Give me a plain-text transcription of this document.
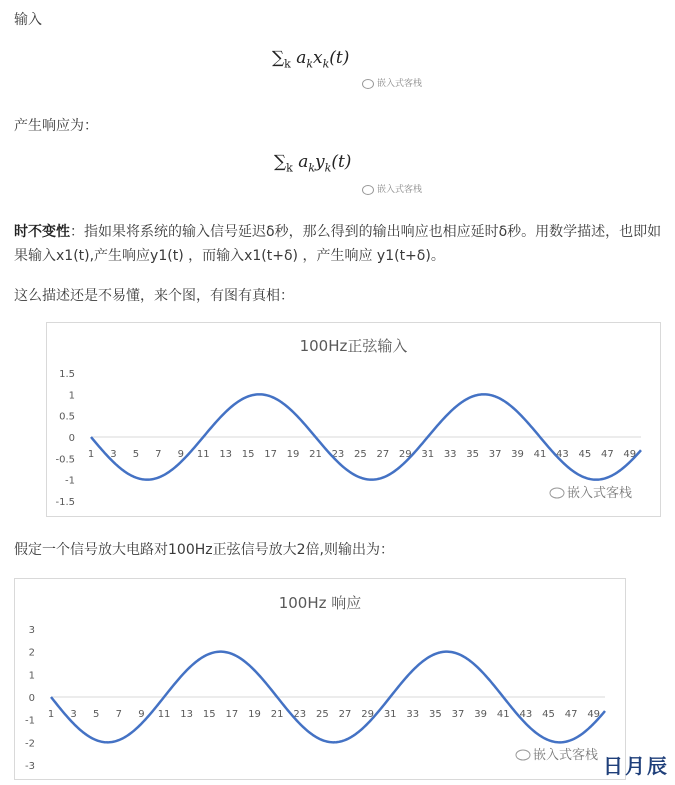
输入
$\sum_k$ $a_kx_k(t)$
嵌入式客栈
产生响应为：
$\sum_k$ $a_ky_k(t)$
嵌入式客栈
时不变性：指如果将系统的输入信号延迟δ秒，那么得到的输出响应也相应延时δ秒。用数学描述，也即如果输入x1(t),产生响应y1(t) ，而输入x1(t+δ) ，产生响应 y1(t+δ)。
这么描述还是不易懂，来个图，有图有真相：
100Hz正弦输入
1.5
1
0.5
0
-0.5
-1
-1.5
1 3 5 7 9 11 13 15 17 19 21 23 25 27 29 31 33 35 37 39 41 43 45 47 49
嵌入式客栈
假定一个信号放大电路对100Hz正弦信号放大2倍,则输出为：
100Hz 响应
3
2
1
0
-1
-2
-3
1 3 5 7 9 11 13 15 17 19 21 23 25 27 29 31 33 35 37 39 41 43 45 47 49
嵌入式客栈 日月辰
